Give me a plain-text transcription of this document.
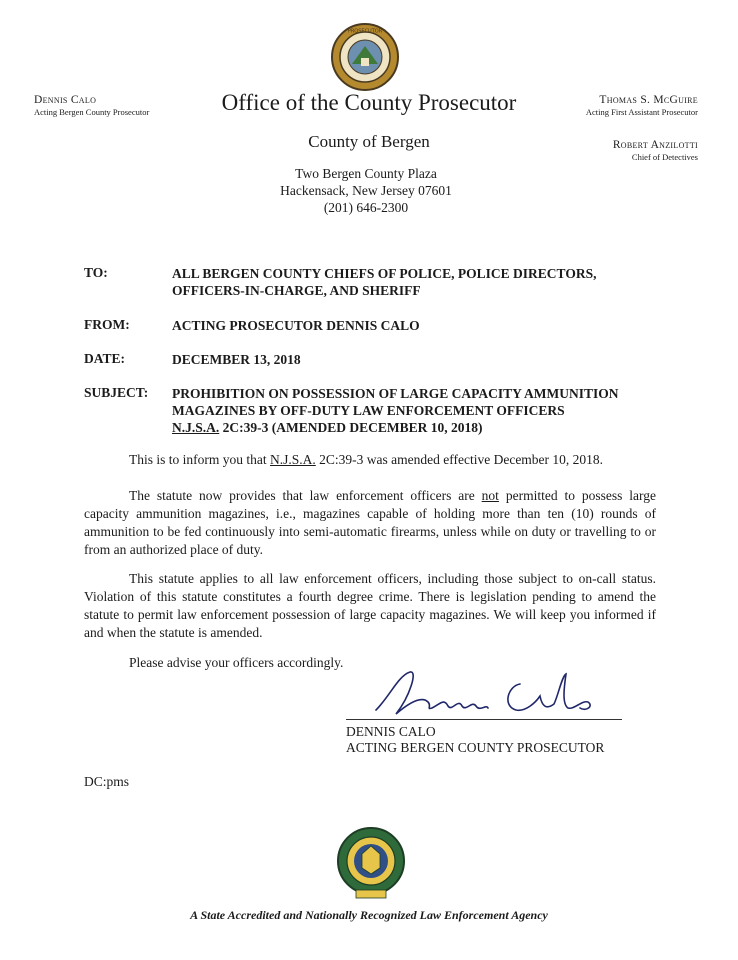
PROSECUTOR
Dennis Calo
Acting Bergen County Prosecutor	Office of the County Prosecutor
County of Bergen
Two Bergen County Plaza
Hackensack, New Jersey 07601
(201) 646-2300
Thomas S. McGuire
Acting First Assistant Prosecutor
Robert Anzilotti
Chief of Detectives
TO:	ALL BERGEN COUNTY CHIEFS OF POLICE, POLICE DIRECTORS,
OFFICERS-IN-CHARGE, AND SHERIFF
FROM:	ACTING PROSECUTOR DENNIS CALO
DATE:	DECEMBER 13, 2018
SUBJECT: PROHIBITION ON POSSESSION OF LARGE CAPACITY AMMUNITION
MAGAZINES BY OFF-DUTY LAW ENFORCEMENT OFFICERS
N.J.S.A. 2C:39-3 (AMENDED DECEMBER 10, 2018)
This is to inform you that N.J.S.A. 2C:39-3 was amended effective December 10, 2018.
The statute now provides that law enforcement officers are not permitted to possess large capacity ammunition magazines, i.e., magazines capable of holding more than ten (10) rounds of ammunition to be fed continuously into semi-automatic firearms, unless while on duty or travelling to or from an authorized place of duty.
This statute applies to all law enforcement officers, including those subject to on-call status. Violation of this statute constitutes a fourth degree crime. There is legislation pending to amend the statute to permit law enforcement possession of large capacity magazines. We will keep you informed if and when the statute is amended.
Please advise your officers accordingly.
DENNIS CALO
ACTING BERGEN COUNTY PROSECUTOR
DC:pms
A State Accredited and Nationally Recognized Law Enforcement Agency
